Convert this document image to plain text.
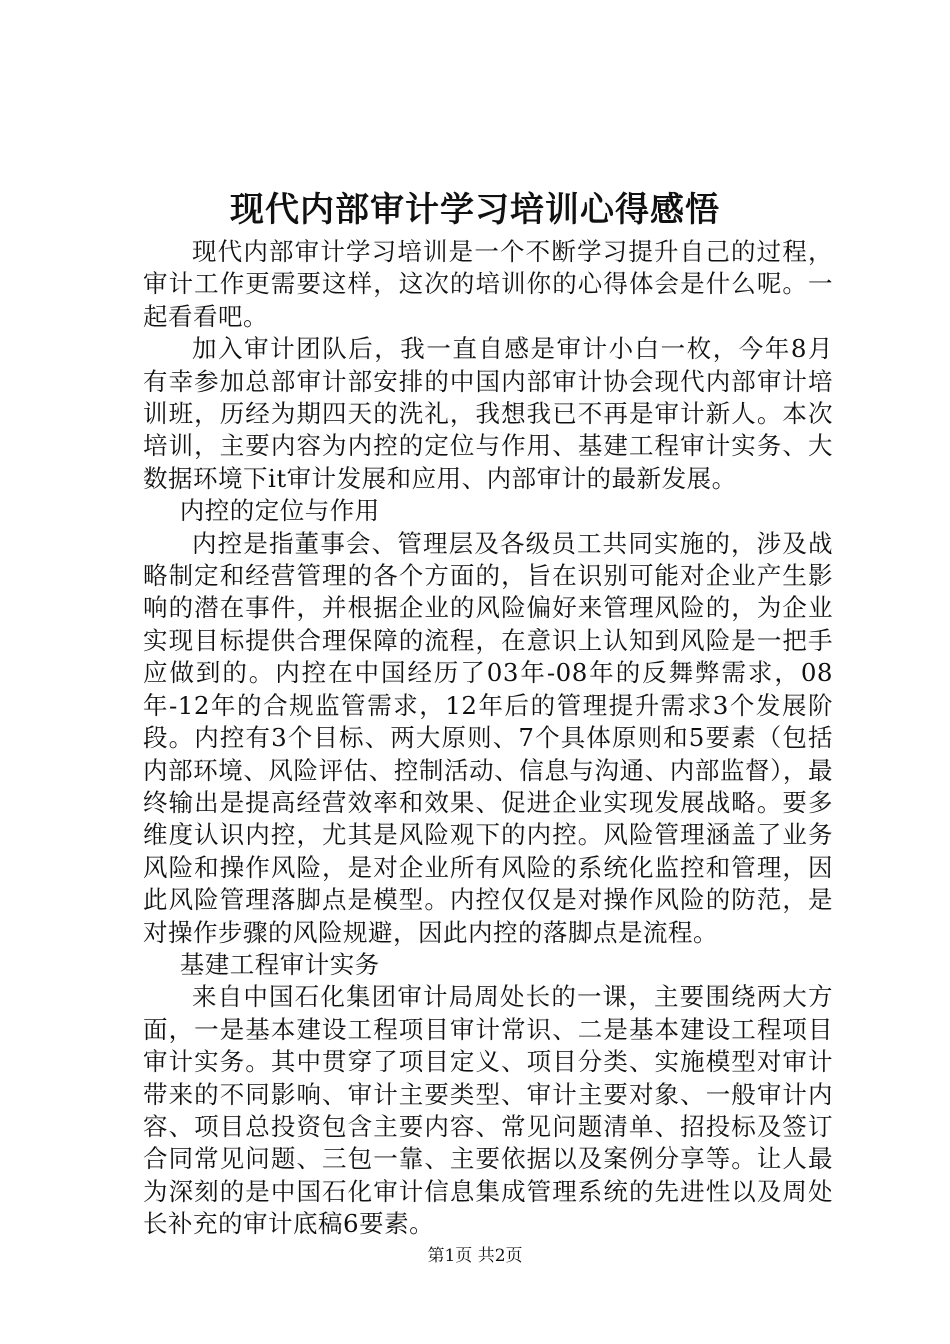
现代内部审计学习培训心得感悟

现代内部审计学习培训是一个不断学习提升自己的过程，审计工作更需要这样，这次的培训你的心得体会是什么呢。一起看看吧。

加入审计团队后，我一直自感是审计小白一枚，今年8月有幸参加总部审计部安排的中国内部审计协会现代内部审计培训班，历经为期四天的洗礼，我想我已不再是审计新人。本次培训，主要内容为内控的定位与作用、基建工程审计实务、大数据环境下it审计发展和应用、内部审计的最新发展。

内控的定位与作用

内控是指董事会、管理层及各级员工共同实施的，涉及战略制定和经营管理的各个方面的，旨在识别可能对企业产生影响的潜在事件，并根据企业的风险偏好来管理风险的，为企业实现目标提供合理保障的流程，在意识上认知到风险是一把手应做到的。内控在中国经历了03年-08年的反舞弊需求，08年-12年的合规监管需求，12年后的管理提升需求3个发展阶段。内控有3个目标、两大原则、7个具体原则和5要素（包括内部环境、风险评估、控制活动、信息与沟通、内部监督），最终输出是提高经营效率和效果、促进企业实现发展战略。要多维度认识内控，尤其是风险观下的内控。风险管理涵盖了业务风险和操作风险，是对企业所有风险的系统化监控和管理，因此风险管理落脚点是模型。内控仅仅是对操作风险的防范，是对操作步骤的风险规避，因此内控的落脚点是流程。

基建工程审计实务

来自中国石化集团审计局周处长的一课，主要围绕两大方面，一是基本建设工程项目审计常识、二是基本建设工程项目审计实务。其中贯穿了项目定义、项目分类、实施模型对审计带来的不同影响、审计主要类型、审计主要对象、一般审计内容、项目总投资包含主要内容、常见问题清单、招投标及签订合同常见问题、三包一靠、主要依据以及案例分享等。让人最为深刻的是中国石化审计信息集成管理系统的先进性以及周处长补充的审计底稿6要素。

第1页 共2页
